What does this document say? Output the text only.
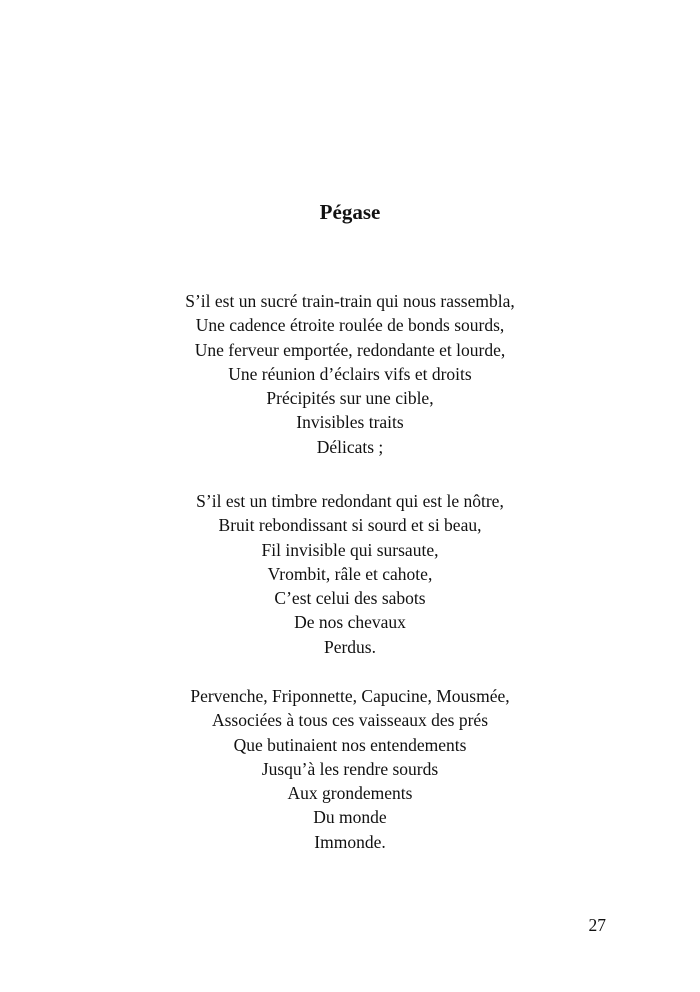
Pégase
S’il est un sucré train-train qui nous rassembla,
Une cadence étroite roulée de bonds sourds,
Une ferveur emportée, redondante et lourde,
Une réunion d’éclairs vifs et droits
Précipités sur une cible,
Invisibles traits
Délicats ;
S’il est un timbre redondant qui est le nôtre,
Bruit rebondissant si sourd et si beau,
Fil invisible qui sursaute,
Vrombit, râle et cahote,
C’est celui des sabots
De nos chevaux
Perdus.
Pervenche, Friponnette, Capucine, Mousmée,
Associées à tous ces vaisseaux des prés
Que butinaient nos entendements
Jusqu’à les rendre sourds
Aux grondements
Du monde
Immonde.
27
